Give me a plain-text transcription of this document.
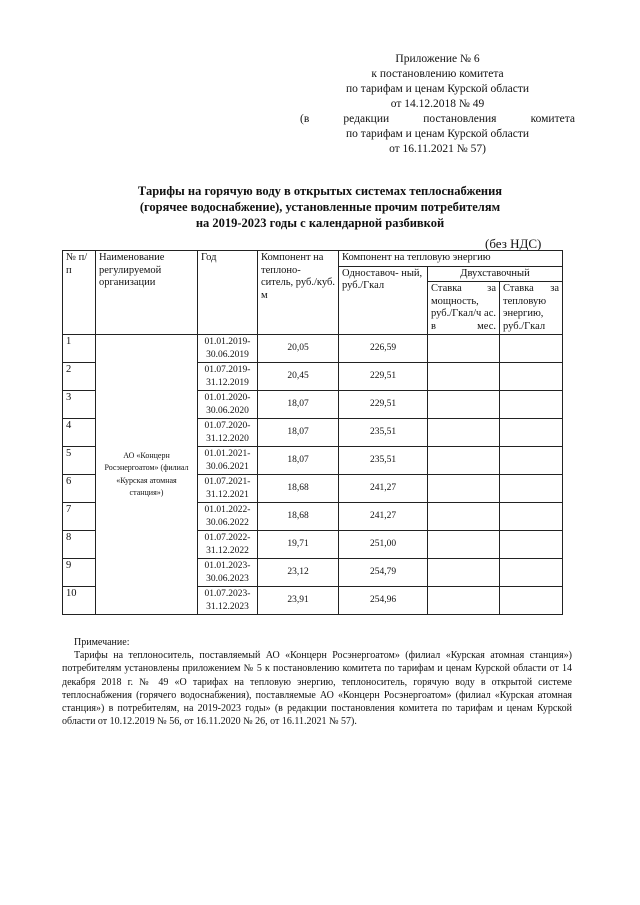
Приложение № 6
к постановлению комитета
по тарифам и ценам Курской области
от 14.12.2018 № 49
(в редакции постановления комитета
по тарифам и ценам Курской области
от 16.11.2021 № 57)
Тарифы на горячую воду в открытых системах теплоснабжения
(горячее водоснабжение), установленные прочим потребителям
на 2019-2023 годы с календарной разбивкой
(без НДС)
№ п/п	Наименование регулируемой организации	Год	Компонент на теплоно- ситель, руб./куб. м	Компонент на тепловую энергию		
				Одноставоч- ный, руб./Гкал	Двухставочный	
					Ставка за мощность, руб./Гкал/ч ас. в мес.	Ставка за тепловую энергию, руб./Гкал
1	АО «Концерн Росэнергоатом» (филиал «Курская атомная станция»)	01.01.2019- 30.06.2019	20,05	226,59		
2		01.07.2019- 31.12.2019	20,45	229,51		
3		01.01.2020- 30.06.2020	18,07	229,51		
4		01.07.2020- 31.12.2020	18,07	235,51		
5		01.01.2021- 30.06.2021	18,07	235,51		
6		01.07.2021- 31.12.2021	18,68	241,27		
7		01.01.2022- 30.06.2022	18,68	241,27		
8		01.07.2022- 31.12.2022	19,71	251,00		
9		01.01.2023- 30.06.2023	23,12	254,79		
10		01.07.2023- 31.12.2023	23,91	254,96		
Примечание:
Тарифы на теплоноситель, поставляемый АО «Концерн Росэнергоатом» (филиал «Курская атомная станция») потребителям установлены приложением № 5 к постановлению комитета по тарифам и ценам Курской области от 14 декабря 2018 г. № 49 «О тарифах на тепловую энергию, теплоноситель, горячую воду в открытой системе теплоснабжения (горячего водоснабжения), поставляемые АО «Концерн Росэнергоатом» (филиал «Курская атомная станция») в потребителям, на 2019-2023 годы» (в редакции постановления комитета по тарифам и ценам Курской области от 10.12.2019 № 56, от 16.11.2020 № 26, от 16.11.2021 № 57).
